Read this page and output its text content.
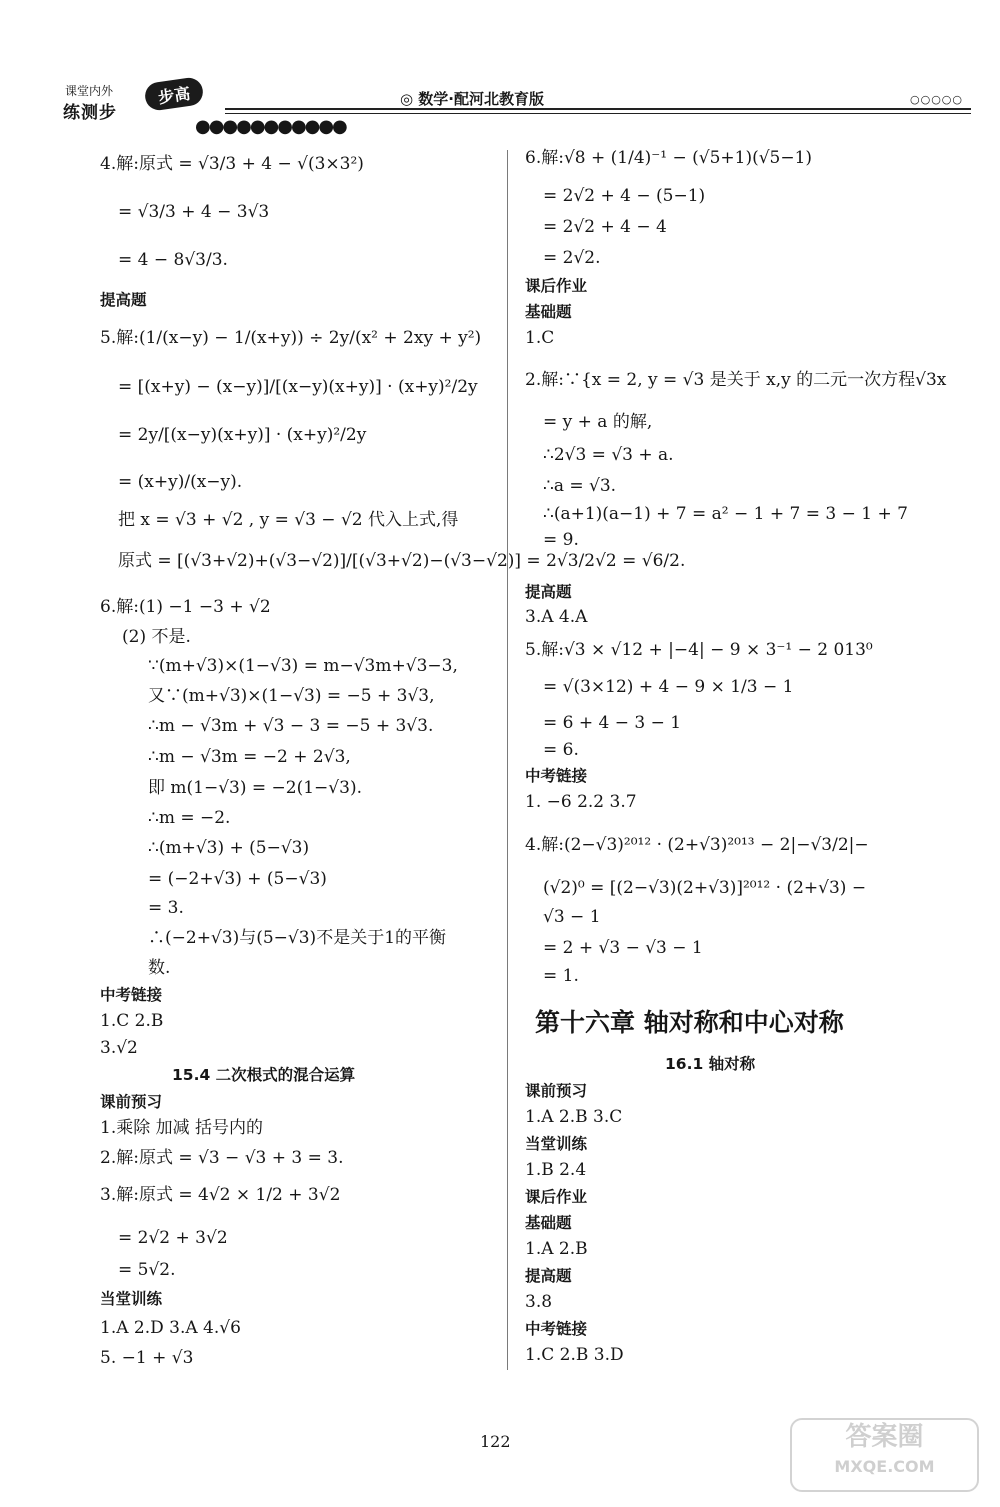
课堂内外
练测步
步高	◎ 数学·配河北教育版	○○○○○
●●●●●●●●●●●
4.解:原式 = √3/3 + 4 − √(3×3²)
= √3/3 + 4 − 3√3
= 4 − 8√3/3.
提高题
5.解:(1/(x−y) − 1/(x+y)) ÷ 2y/(x² + 2xy + y²)
= [(x+y) − (x−y)]/[(x−y)(x+y)] · (x+y)²/2y
= 2y/[(x−y)(x+y)] · (x+y)²/2y
= (x+y)/(x−y).
把 x = √3 + √2 , y = √3 − √2 代入上式,得
原式 = [(√3+√2)+(√3−√2)]/[(√3+√2)−(√3−√2)] = 2√3/2√2 = √6/2.
6.解:(1) −1 −3 + √2
(2) 不是.
∵(m+√3)×(1−√3) = m−√3m+√3−3,
又∵(m+√3)×(1−√3) = −5 + 3√3,
∴m − √3m + √3 − 3 = −5 + 3√3.
∴m − √3m = −2 + 2√3,
即 m(1−√3) = −2(1−√3).
∴m = −2.
∴(m+√3) + (5−√3)
= (−2+√3) + (5−√3)
= 3.
∴(−2+√3)与(5−√3)不是关于1的平衡
数.
中考链接
1.C 2.B
3.√2
15.4 二次根式的混合运算
课前预习
1.乘除 加减 括号内的
2.解:原式 = √3 − √3 + 3 = 3.
3.解:原式 = 4√2 × 1/2 + 3√2
= 2√2 + 3√2
= 5√2.
当堂训练
1.A 2.D 3.A 4.√6
5. −1 + √3
6.解:√8 + (1/4)⁻¹ − (√5+1)(√5−1)
= 2√2 + 4 − (5−1)
= 2√2 + 4 − 4
= 2√2.
课后作业
基础题
1.C
2.解:∵{x = 2, y = √3 是关于 x,y 的二元一次方程√3x
= y + a 的解,
∴2√3 = √3 + a.
∴a = √3.
∴(a+1)(a−1) + 7 = a² − 1 + 7 = 3 − 1 + 7
= 9.
提高题
3.A 4.A
5.解:√3 × √12 + |−4| − 9 × 3⁻¹ − 2 013⁰
= √(3×12) + 4 − 9 × 1/3 − 1
= 6 + 4 − 3 − 1
= 6.
中考链接
1. −6 2.2 3.7
4.解:(2−√3)²⁰¹² · (2+√3)²⁰¹³ − 2|−√3/2|−
(√2)⁰ = [(2−√3)(2+√3)]²⁰¹² · (2+√3) −
√3 − 1
= 2 + √3 − √3 − 1
= 1.
第十六章 轴对称和中心对称
16.1 轴对称
课前预习
1.A 2.B 3.C
当堂训练
1.B 2.4
课后作业
基础题
1.A 2.B
提高题
3.8
中考链接
1.C 2.B 3.D
122	答案圈
MXQE.COM
